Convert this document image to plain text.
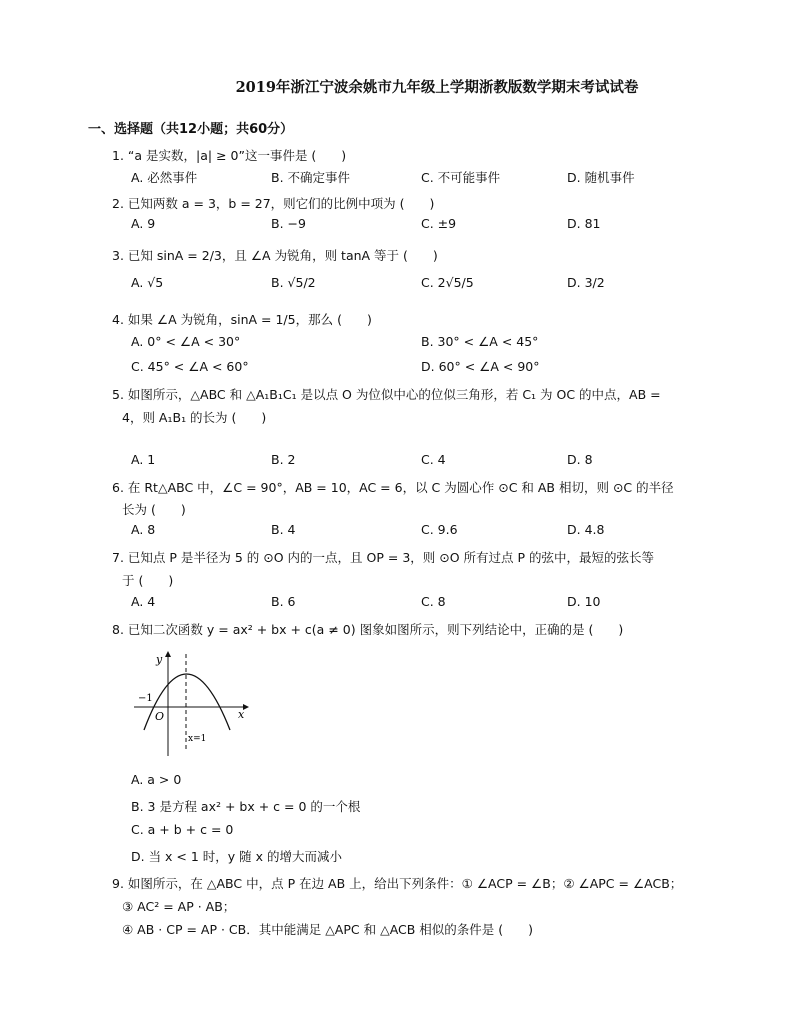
2019年浙江宁波余姚市九年级上学期浙教版数学期末考试试卷
一、选择题（共12小题；共60分）
1. “a 是实数，|a| ≥ 0”这一事件是 (　　)
A. 必然事件	B. 不确定事件	C. 不可能事件	D. 随机事件
2. 已知两数 a = 3，b = 27，则它们的比例中项为 (　　)
A. 9	B. −9	C. ±9	D. 81
3. 已知 sinA = 2/3，且 ∠A 为锐角，则 tanA 等于 (　　)
A. √5	B. √5/2	C. 2√5/5	D. 3/2
4. 如果 ∠A 为锐角，sinA = 1/5，那么 (　　)
A. 0° < ∠A < 30°	B. 30° < ∠A < 45°
C. 45° < ∠A < 60°	D. 60° < ∠A < 90°
5. 如图所示，△ABC 和 △A₁B₁C₁ 是以点 O 为位似中心的位似三角形，若 C₁ 为 OC 的中点，AB =
4，则 A₁B₁ 的长为 (　　)
A. 1	B. 2	C. 4	D. 8
6. 在 Rt△ABC 中，∠C = 90°，AB = 10，AC = 6，以 C 为圆心作 ⊙C 和 AB 相切，则 ⊙C 的半径
长为 (　　)
A. 8	B. 4	C. 9.6	D. 4.8
7. 已知点 P 是半径为 5 的 ⊙O 内的一点，且 OP = 3，则 ⊙O 所有过点 P 的弦中，最短的弦长等
于 (　　)
A. 4	B. 6	C. 8	D. 10
8. 已知二次函数 y = ax² + bx + c(a ≠ 0) 图象如图所示，则下列结论中，正确的是 (　　)
y
x
O
−1
x=1
A. a > 0
B. 3 是方程 ax² + bx + c = 0 的一个根
C. a + b + c = 0
D. 当 x < 1 时，y 随 x 的增大而减小
9. 如图所示，在 △ABC 中，点 P 在边 AB 上，给出下列条件：① ∠ACP = ∠B；② ∠APC = ∠ACB；
③ AC² = AP · AB；
④ AB · CP = AP · CB．其中能满足 △APC 和 △ACB 相似的条件是 (　　)
